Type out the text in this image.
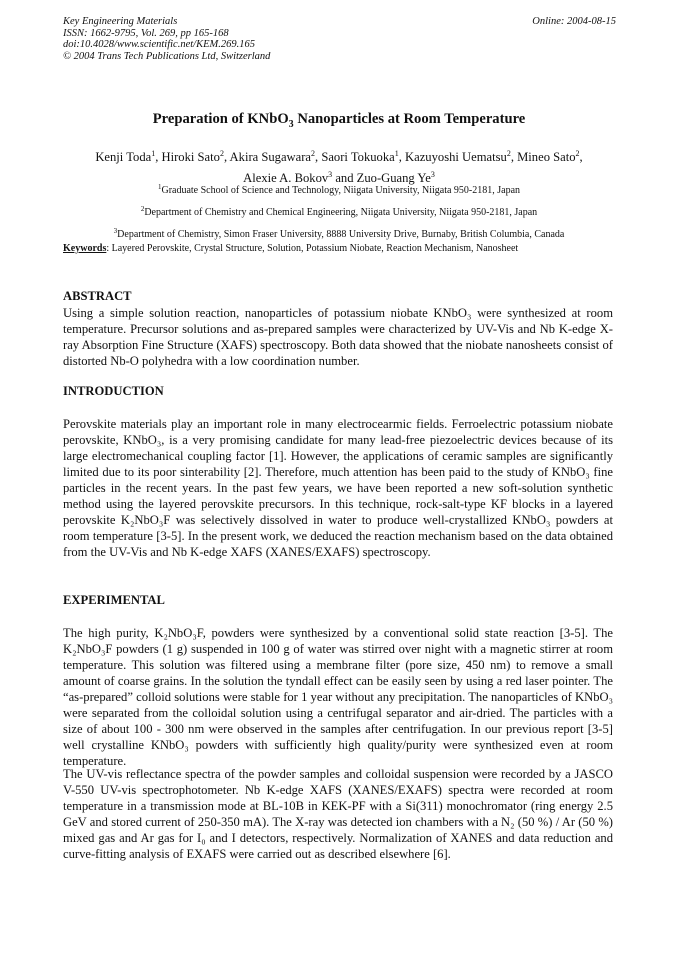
Key Engineering Materials
ISSN: 1662-9795, Vol. 269, pp 165-168
doi:10.4028/www.scientific.net/KEM.269.165
© 2004 Trans Tech Publications Ltd, Switzerland
Online: 2004-08-15
Preparation of KNbO$_3$ Nanoparticles at Room Temperature
Kenji Toda$^1$, Hiroki Sato$^2$, Akira Sugawara$^2$, Saori Tokuoka$^1$, Kazuyoshi Uematsu$^2$, Mineo Sato$^2$,
Alexie A. Bokov$^3$ and Zuo-Guang Ye$^3$
$^1$Graduate School of Science and Technology, Niigata University, Niigata 950-2181, Japan
$^2$Department of Chemistry and Chemical Engineering, Niigata University, Niigata 950-2181, Japan
$^3$Department of Chemistry, Simon Fraser University, 8888 University Drive, Burnaby, British Columbia, Canada
Keywords: Layered Perovskite, Crystal Structure, Solution, Potassium Niobate, Reaction Mechanism, Nanosheet
ABSTRACT
Using a simple solution reaction, nanoparticles of potassium niobate KNbO₃ were synthesized at room temperature. Precursor solutions and as-prepared samples were characterized by UV-Vis and Nb K-edge X-ray Absorption Fine Structure (XAFS) spectroscopy. Both data showed that the niobate nanosheets consist of distorted Nb-O polyhedra with a low coordination number.
INTRODUCTION
Perovskite materials play an important role in many electrocearmic fields. Ferroelectric potassium niobate perovskite, KNbO₃, is a very promising candidate for many lead-free piezoelectric devices because of its large electromechanical coupling factor [1]. However, the applications of ceramic samples are significantly limited due to its poor sinterability [2]. Therefore, much attention has been paid to the study of KNbO₃ fine particles in the recent years. In the past few years, we have been reported a new soft-solution synthetic method using the layered perovskite precursors. In this technique, rock-salt-type KF blocks in a layered perovskite K₂NbO₃F was selectively dissolved in water to produce well-crystallized KNbO₃ powders at room temperature [3-5]. In the present work, we deduced the reaction mechanism based on the data obtained from the UV-Vis and Nb K-edge XAFS (XANES/EXAFS) spectroscopy.
EXPERIMENTAL
The high purity, K₂NbO₃F, powders were synthesized by a conventional solid state reaction [3-5]. The K₂NbO₃F powders (1 g) suspended in 100 g of water was stirred over night with a magnetic stirrer at room temperature. This solution was filtered using a membrane filter (pore size, 450 nm) to remove a small amount of coarse grains. In the solution the tyndall effect can be easily seen by using a red laser pointer. The “as-prepared” colloid solutions were stable for 1 year without any precipitation. The nanoparticles of KNbO₃ were separated from the colloidal solution using a centrifugal separator and air-dried. The particles with a size of about 100 - 300 nm were observed in the samples after centrifugation. In our previous report [3-5] well crystalline KNbO₃ powders with sufficiently high quality/purity were synthesized even at room temperature.
The UV-vis reflectance spectra of the powder samples and colloidal suspension were recorded by a JASCO V-550 UV-vis spectrophotometer. Nb K-edge XAFS (XANES/EXAFS) spectra were recorded at room temperature in a transmission mode at BL-10B in KEK-PF with a Si(311) monochromator (ring energy 2.5 GeV and stored current of 250-350 mA). The X-ray was detected ion chambers with a N₂ (50 %) / Ar (50 %) mixed gas and Ar gas for I₀ and I detectors, respectively. Normalization of XANES and data reduction and curve-fitting analysis of EXAFS were carried out as described elsewhere [6].
